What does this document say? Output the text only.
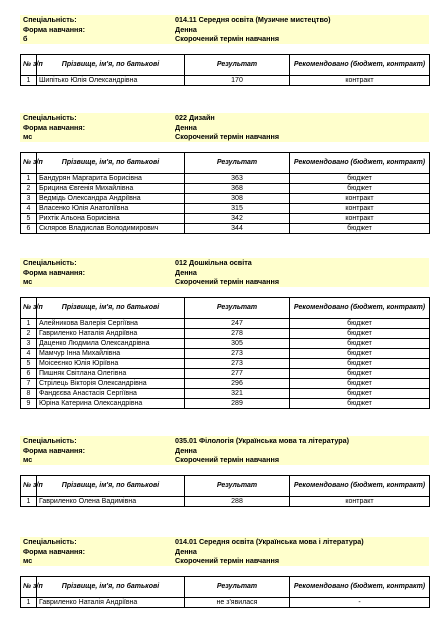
Спеціальність:	014.11 Середня освіта (Музичне мистецтво)
Форма навчання:	Денна
б	Скорочений термін навчання
№ з/п	Прізвище, ім'я, по батькові	Результат	Рекомендовано (бюджет, контракт)
1	Шипітько Юлія Олександрівна	170	контракт
Спеціальність:	022 Дизайн
Форма навчання:	Денна
мс	Скорочений термін навчання
№ з/п	Прізвище, ім'я, по батькові	Результат	Рекомендовано (бюджет, контракт)
1	Бандурян Маргарита Борисівна	363	бюджет
2	Брицина Євгенія Михайлівна	368	бюджет
3	Ведмідь Олександра Андріївна	308	контракт
4	Власенко Юлія Анатоліївна	315	контракт
5	Рихтік Альона Борисівна	342	контракт
6	Скляров Владислав Володимирович	344	бюджет
Спеціальність:	012 Дошкільна освіта
Форма навчання:	Денна
мс	Скорочений термін навчання
№ з/п	Прізвище, ім'я, по батькові	Результат	Рекомендовано (бюджет, контракт)
1	Алейникова Валерія Сергіївна	247	бюджет
2	Гавриленко Наталія Андріївна	278	бюджет
3	Даценко Людмила Олександрівна	305	бюджет
4	Мамчур Інна Михайлівна	273	бюджет
5	Моісеєнко Юлія Юріївна	273	бюджет
6	Пишняк Світлана Олегівна	277	бюджет
7	Стрілець Вікторія Олександрівна	296	бюджет
8	Фандєєва Анастасія Сергіївна	321	бюджет
9	Юріна Катерина Олександрівна	289	бюджет
Спеціальність:	035.01 Філологія (Українська мова та література)
Форма навчання:	Денна
мс	Скорочений термін навчання
№ з/п	Прізвище, ім'я, по батькові	Результат	Рекомендовано (бюджет, контракт)
1	Гавриленко Олена Вадимівна	288	контракт
Спеціальність:	014.01 Середня освіта (Українська мова і література)
Форма навчання:	Денна
мс	Скорочений термін навчання
№ з/п	Прізвище, ім'я, по батькові	Результат	Рекомендовано (бюджет, контракт)
1	Гавриленко Наталія Андріївна	не з'явилася	-
